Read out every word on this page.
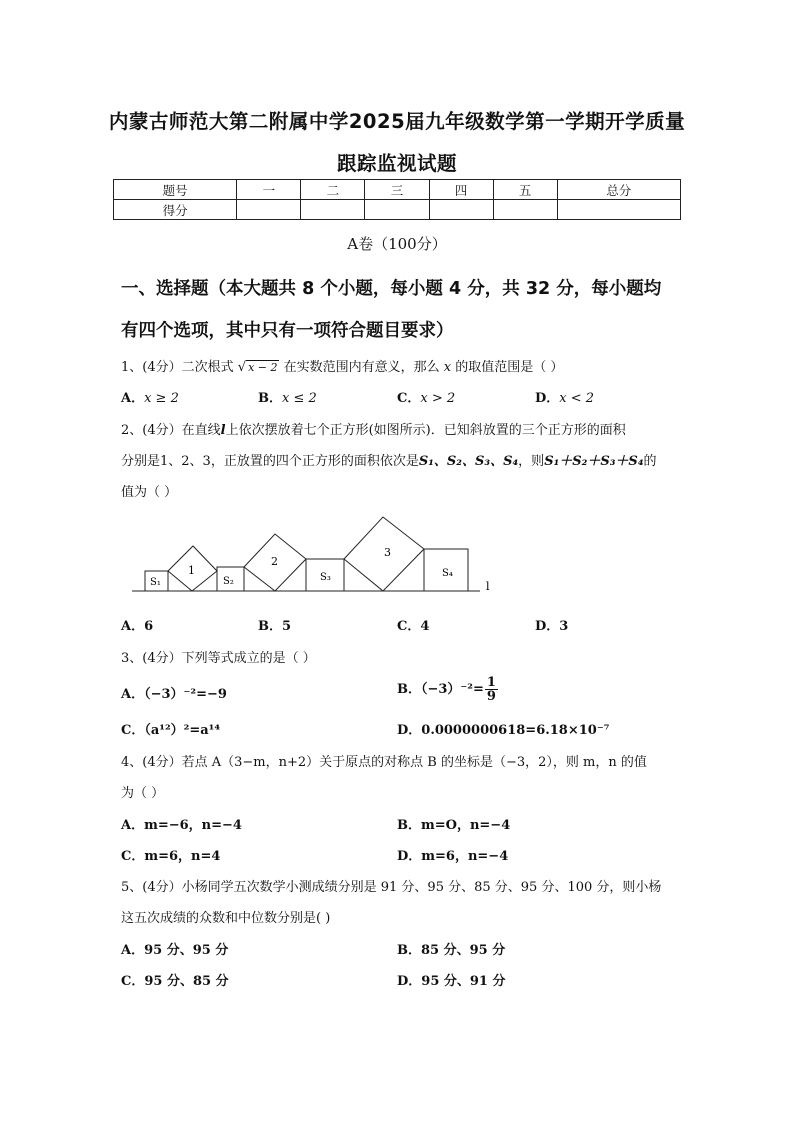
内蒙古师范大第二附属中学2025届九年级数学第一学期开学质量
跟踪监视试题
题号	一	二	三	四	五	总分
得分						
A卷（100分）
一、选择题（本大题共 8 个小题，每小题 4 分，共 32 分，每小题均
有四个选项，其中只有一项符合题目要求）
1、(4分）二次根式 √ x − 2 在实数范围内有意义，那么 x 的取值范围是（ ）
A．x ≥ 2	B．x ≤ 2	C．x > 2	D．x < 2
2、(4分）在直线l上依次摆放着七个正方形(如图所示)．已知斜放置的三个正方形的面积
分别是1、2、3，正放置的四个正方形的面积依次是S₁、S₂、S₃、S₄，则S₁＋S₂＋S₃＋S₄的
值为（ ）
l
S₁
1
S₂
2
S₃
3
S₄
A．6	B．5	C．4	D．3
3、(4分）下列等式成立的是（ ）
A．（−3）⁻²=−9	B．$(-3)^{-2}= \frac{1}{9}$
C．（a¹²）²=a¹⁴	D．0.0000000618=6.18×10⁻⁷
4、(4分）若点 A（3−m，n+2）关于原点的对称点 B 的坐标是（−3，2），则 m，n 的值
为（ ）
A．m=−6，n=−4	B．m=O，n=−4
C．m=6，n=4	D．m=6，n=−4
5、(4分）小杨同学五次数学小测成绩分别是 91 分、95 分、85 分、95 分、100 分，则小杨
这五次成绩的众数和中位数分别是( )
A．95 分、95 分	B．85 分、95 分
C．95 分、85 分	D．95 分、91 分
